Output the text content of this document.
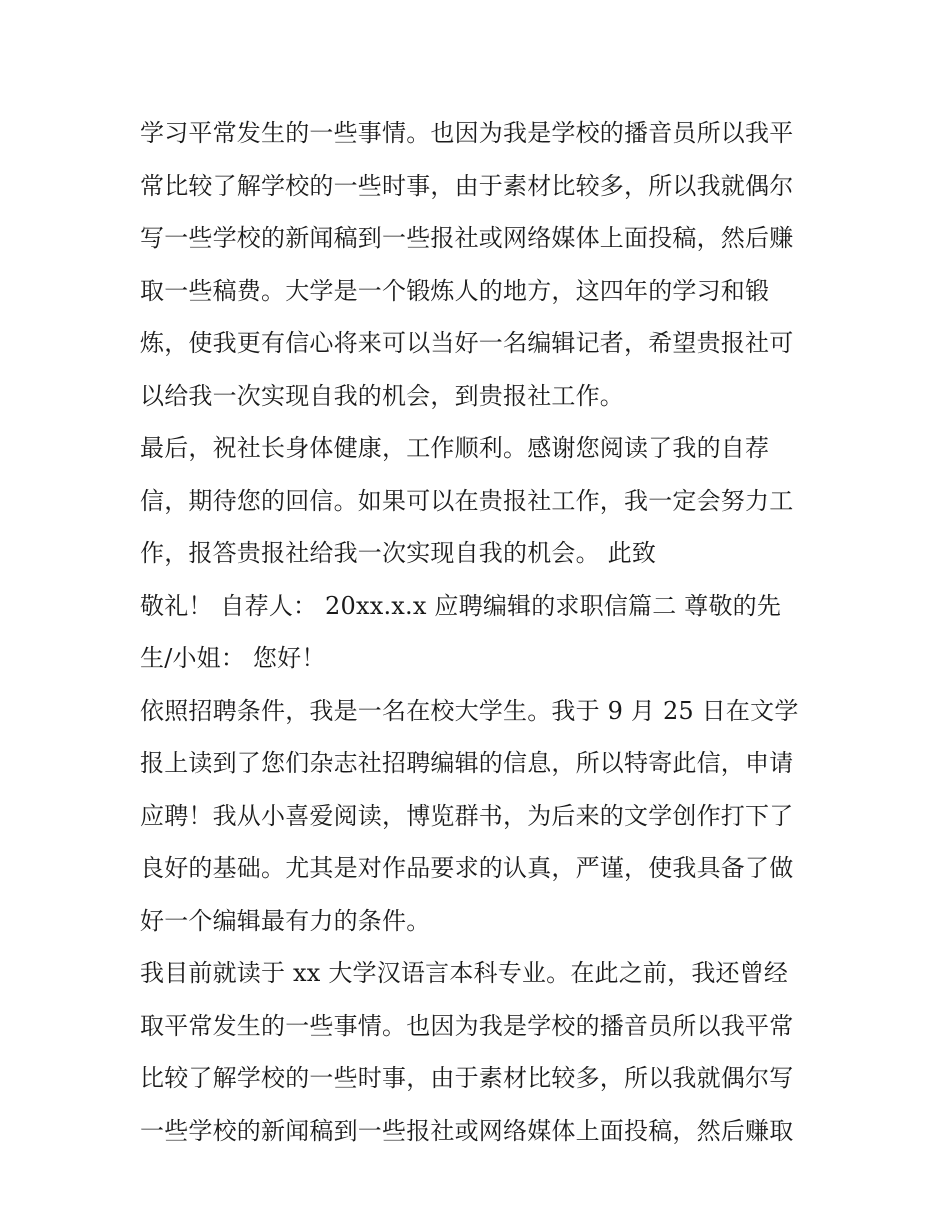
学习平常发生的一些事情。也因为我是学校的播音员所以我平
常比较了解学校的一些时事，由于素材比较多，所以我就偶尔
写一些学校的新闻稿到一些报社或网络媒体上面投稿，然后赚
取一些稿费。大学是一个锻炼人的地方，这四年的学习和锻
炼，使我更有信心将来可以当好一名编辑记者，希望贵报社可
以给我一次实现自我的机会，到贵报社工作。
最后，祝社长身体健康，工作顺利。感谢您阅读了我的自荐
信，期待您的回信。如果可以在贵报社工作，我一定会努力工
作，报答贵报社给我一次实现自我的机会。 此致
敬礼！ 自荐人： 20xx.x.x 应聘编辑的求职信篇二 尊敬的先
生/小姐： 您好！
依照招聘条件，我是一名在校大学生。我于 9 月 25 日在文学
报上读到了您们杂志社招聘编辑的信息，所以特寄此信，申请
应聘！我从小喜爱阅读，博览群书，为后来的文学创作打下了
良好的基础。尤其是对作品要求的认真，严谨，使我具备了做
好一个编辑最有力的条件。
我目前就读于 xx 大学汉语言本科专业。在此之前，我还曾经
取平常发生的一些事情。也因为我是学校的播音员所以我平常
比较了解学校的一些时事，由于素材比较多，所以我就偶尔写
一些学校的新闻稿到一些报社或网络媒体上面投稿，然后赚取
